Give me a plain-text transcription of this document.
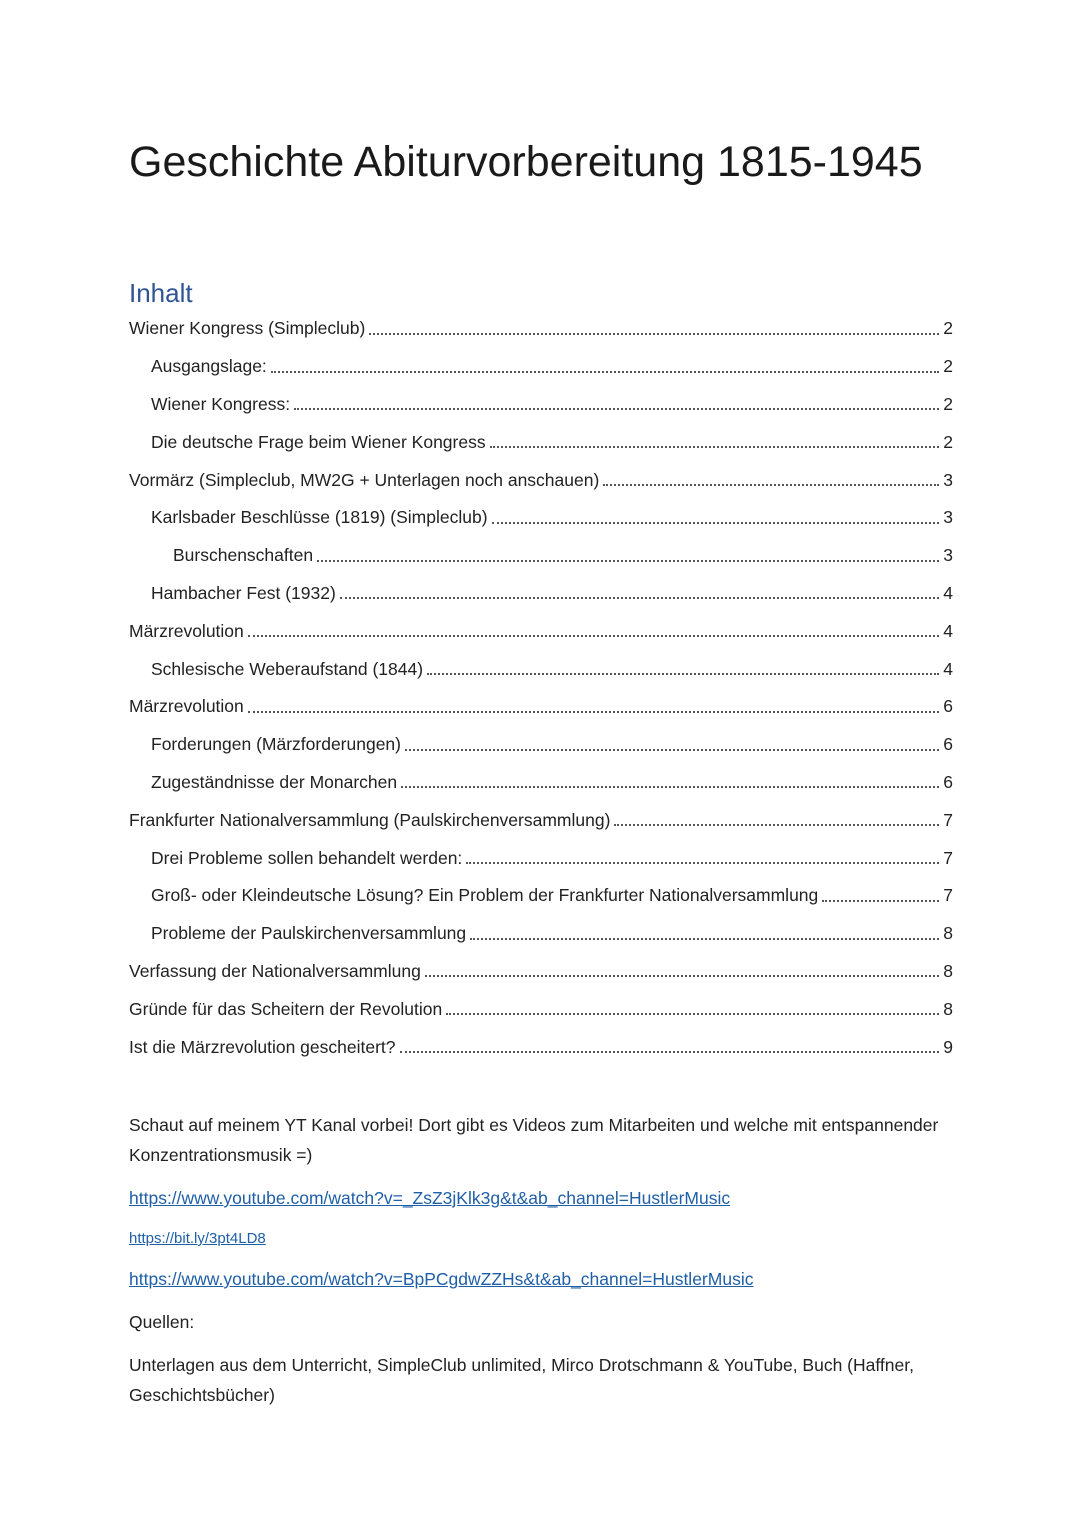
Geschichte Abiturvorbereitung 1815-1945
Inhalt
Wiener Kongress (Simpleclub)	2
Ausgangslage:	2
Wiener Kongress:	2
Die deutsche Frage beim Wiener Kongress	2
Vormärz (Simpleclub, MW2G + Unterlagen noch anschauen)	3
Karlsbader Beschlüsse (1819) (Simpleclub)	3
Burschenschaften	3
Hambacher Fest (1932)	4
Märzrevolution	4
Schlesische Weberaufstand (1844)	4
Märzrevolution	6
Forderungen (Märzforderungen)	6
Zugeständnisse der Monarchen	6
Frankfurter Nationalversammlung (Paulskirchenversammlung)	7
Drei Probleme sollen behandelt werden:	7
Groß- oder Kleindeutsche Lösung? Ein Problem der Frankfurter Nationalversammlung	7
Probleme der Paulskirchenversammlung	8
Verfassung der Nationalversammlung	8
Gründe für das Scheitern der Revolution	8
Ist die Märzrevolution gescheitert?	9

Schaut auf meinem YT Kanal vorbei! Dort gibt es Videos zum Mitarbeiten und welche mit entspannender Konzentrationsmusik =)

https://www.youtube.com/watch?v=_ZsZ3jKlk3g&t&ab_channel=HustlerMusic
https://bit.ly/3pt4LD8
https://www.youtube.com/watch?v=BpPCgdwZZHs&t&ab_channel=HustlerMusic

Quellen:

Unterlagen aus dem Unterricht, SimpleClub unlimited, Mirco Drotschmann & YouTube, Buch (Haffner, Geschichtsbücher)
